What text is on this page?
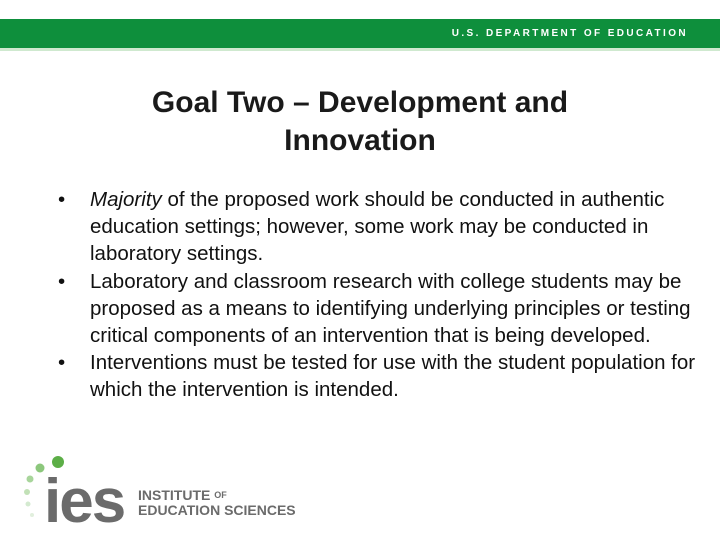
U.S. DEPARTMENT OF EDUCATION
Goal Two – Development and
Innovation

•	Majority of the proposed work should be conducted in authentic education settings; however, some work may be conducted in laboratory settings.

•	Laboratory and classroom research with college students may be proposed as a means to identifying underlying principles or testing critical components of an intervention that is being developed.

•	Interventions must be tested for use with the student population for which the intervention is intended.

ies INSTITUTE $^{OF}$
EDUCATION SCIENCES
